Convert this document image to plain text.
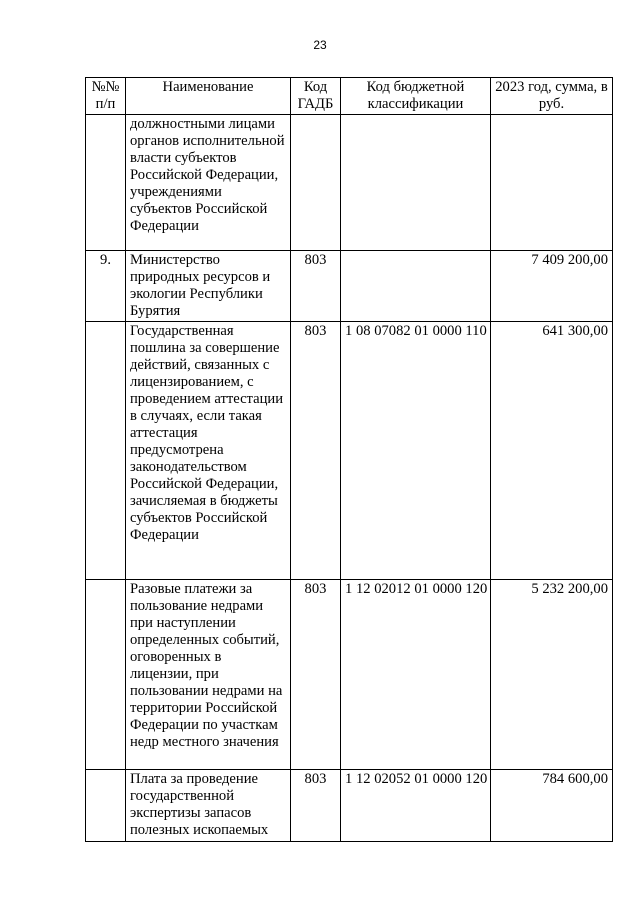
23
№№ п/п	Наименование	Код ГАДБ	Код бюджетной классификации	2023 год, сумма, в руб.
	должностными лицами органов исполнительной власти субъектов Российской Федерации, учреждениями субъектов Российской Федерации			
9.	Министерство природных ресурсов и экологии Республики Бурятия	803		7 409 200,00
	Государственная пошлина за совершение действий, связанных с лицензированием, с проведением аттестации в случаях, если такая аттестация предусмотрена законодательством Российской Федерации, зачисляемая в бюджеты субъектов Российской Федерации	803	1 08 07082 01 0000 110	641 300,00
	Разовые платежи за пользование недрами при наступлении определенных событий, оговоренных в лицензии, при пользовании недрами на территории Российской Федерации по участкам недр местного значения	803	1 12 02012 01 0000 120	5 232 200,00
	Плата за проведение государственной экспертизы запасов полезных ископаемых	803	1 12 02052 01 0000 120	784 600,00
